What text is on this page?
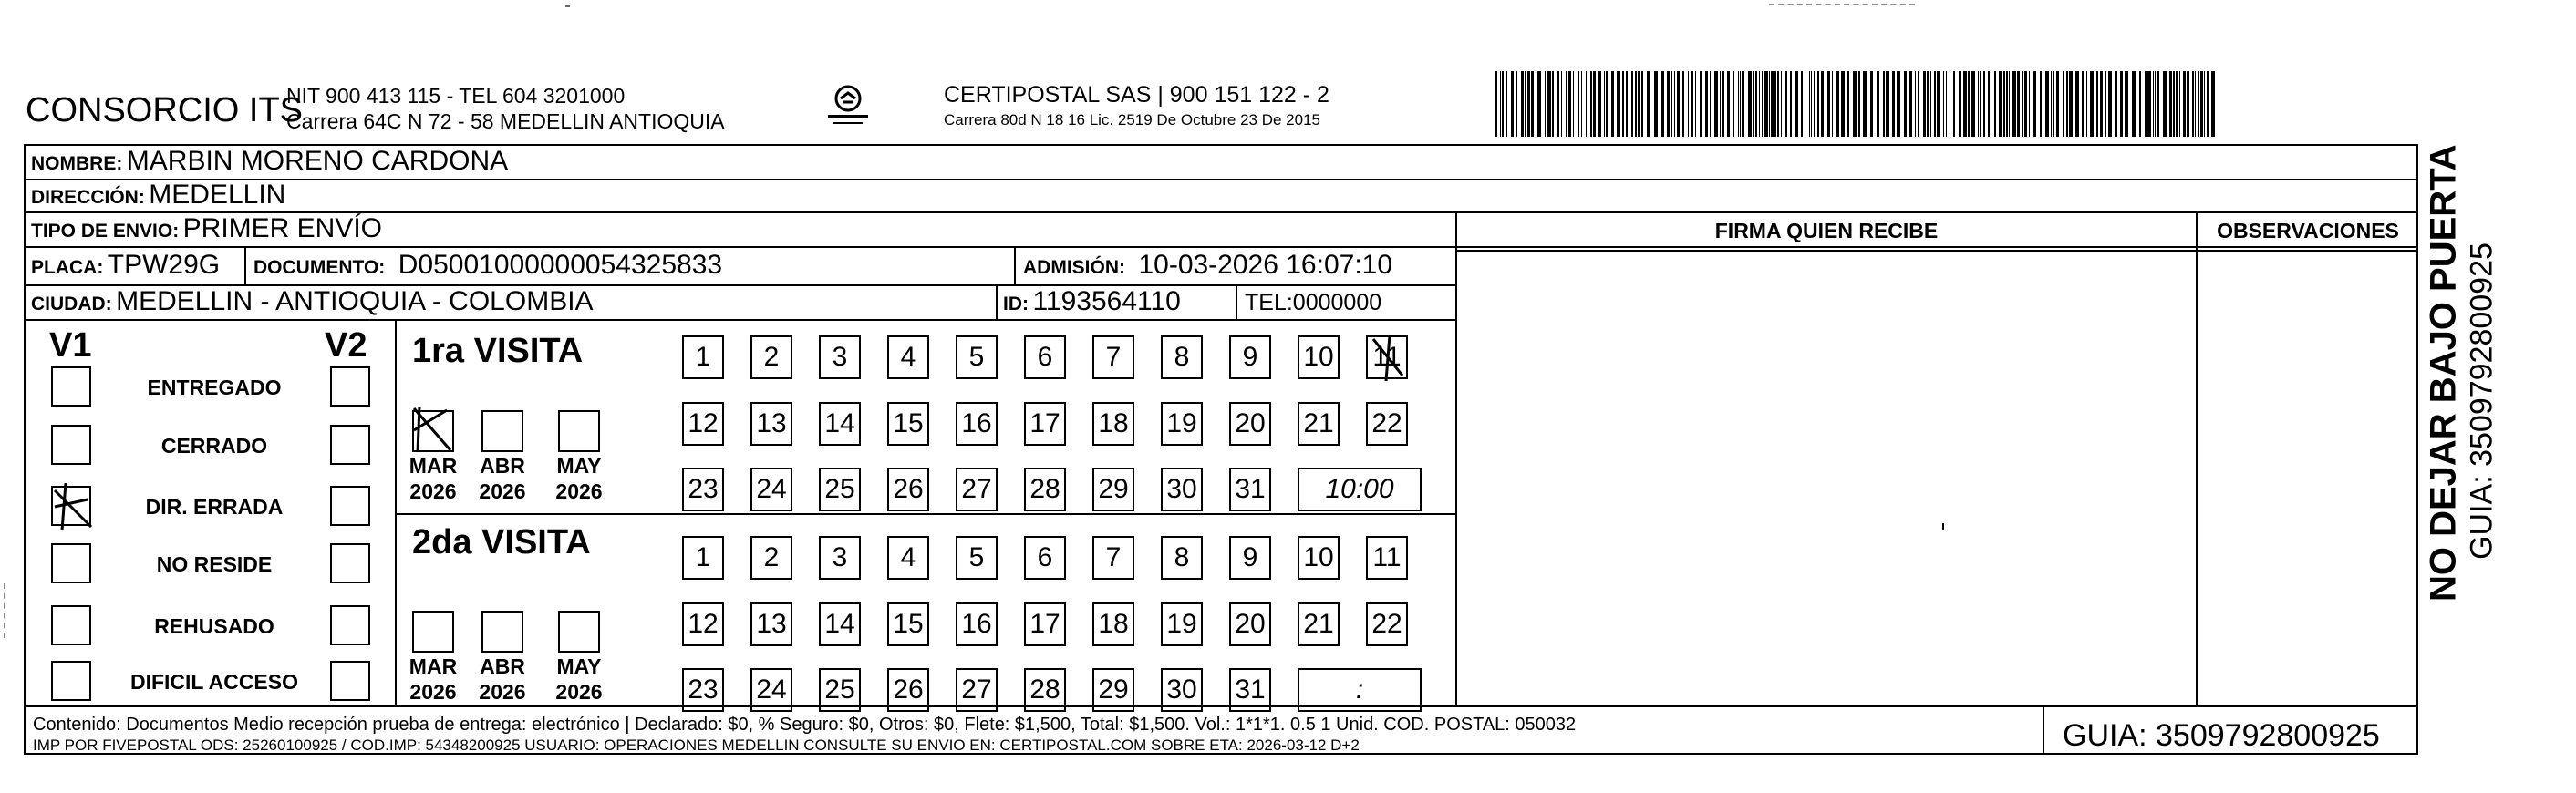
CONSORCIO ITS
NIT 900 413 115 - TEL 604 3201000
Carrera 64C N 72 - 58 MEDELLIN ANTIOQUIA
CERTIPOSTAL SAS | 900 151 122 - 2
Carrera 80d N 18 16 Lic. 2519 De Octubre 23 De 2015
NOMBRE: MARBIN MORENO CARDONA
DIRECCIÓN: MEDELLIN
TIPO DE ENVIO: PRIMER ENVÍO
PLACA: TPW29G DOCUMENTO: D05001000000054325833	ADMISIÓN: 10-03-2026 16:07:10
CIUDAD: MEDELLIN - ANTIOQUIA - COLOMBIA	ID: 1193564110	TEL:0000000
FIRMA QUIEN RECIBE	OBSERVACIONES
V1	V2
ENTREGADO
CERRADO
DIR. ERRADA
NO RESIDE
REHUSADO
DIFICIL ACCESO
1ra VISITA
2da VISITA
1	2	3	4	5	6	7	8	9	10 11
12 13 14 15 16 17 18 19 20 21 22
23 24 25 26 27 28 29 30 31	10:00
MAR
2026
ABR
2026
MAY
2026
1	2	3	4	5	6	7	8	9	10 11
12 13 14 15 16 17 18 19 20 21 22
23 24 25 26 27 28 29 30 31	:
MAR
2026
ABR
2026
MAY
2026
Contenido: Documentos Medio recepción prueba de entrega: electrónico | Declarado: $0, % Seguro: $0, Otros: $0, Flete: $1,500, Total: $1,500. Vol.: 1*1*1. 0.5 1 Unid. COD. POSTAL: 050032
IMP POR FIVEPOSTAL ODS: 25260100925 / COD.IMP: 54348200925 USUARIO: OPERACIONES MEDELLIN CONSULTE SU ENVIO EN: CERTIPOSTAL.COM SOBRE ETA: 2026-03-12 D+2	GUIA: 3509792800925
NO DEJAR BAJO PUERTA GUIA: 3509792800925
